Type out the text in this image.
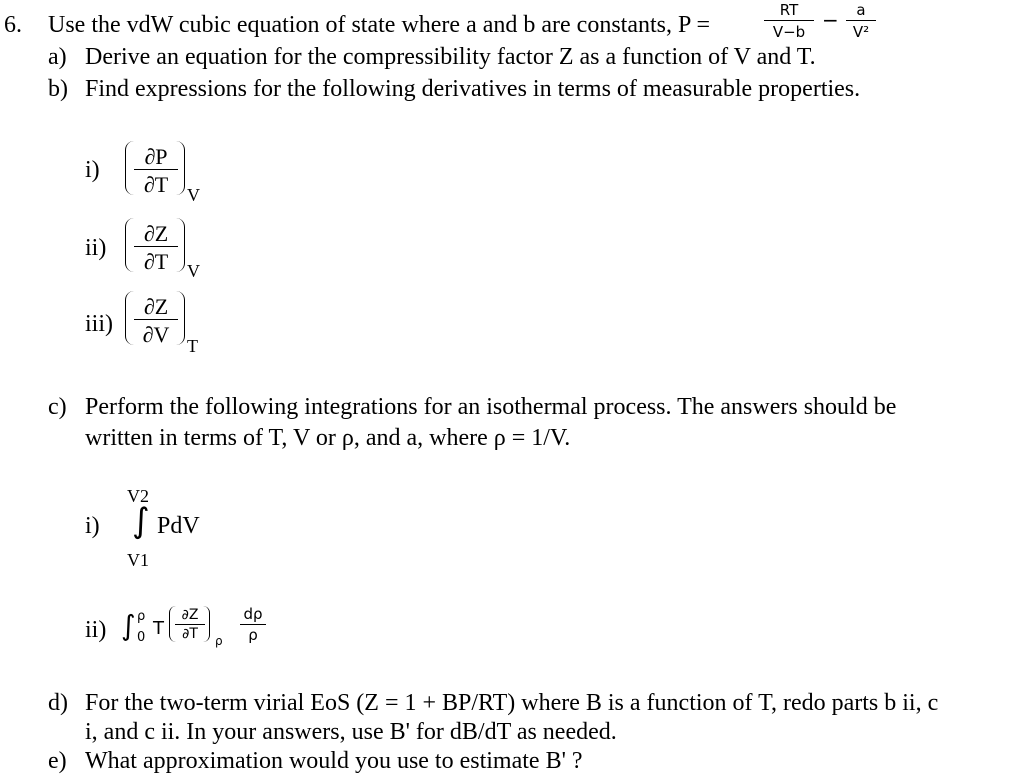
6. Use the vdW cubic equation of state where a and b are constants, P =
RT
V−b −	a
V²
a) Derive an equation for the compressibility factor Z as a function of V and T.
b) Find expressions for the following derivatives in terms of measurable properties.
i)
∂P
∂T	V
ii)
∂Z
∂T	V
iii)
∂Z
∂V T
c) Perform the following integrations for an isothermal process. The answers should be
written in terms of T, V or ρ, and a, where ρ = 1/V.
i)
V2
∫ PdV
V1
ii) ∫ ρ
0 T
∂Z
∂T	ρ
dρ
ρ
d) For the two-term virial EoS (Z = 1 + BP/RT) where B is a function of T, redo parts b ii, c
i, and c ii. In your answers, use B' for dB/dT as needed.
e) What approximation would you use to estimate B' ?
